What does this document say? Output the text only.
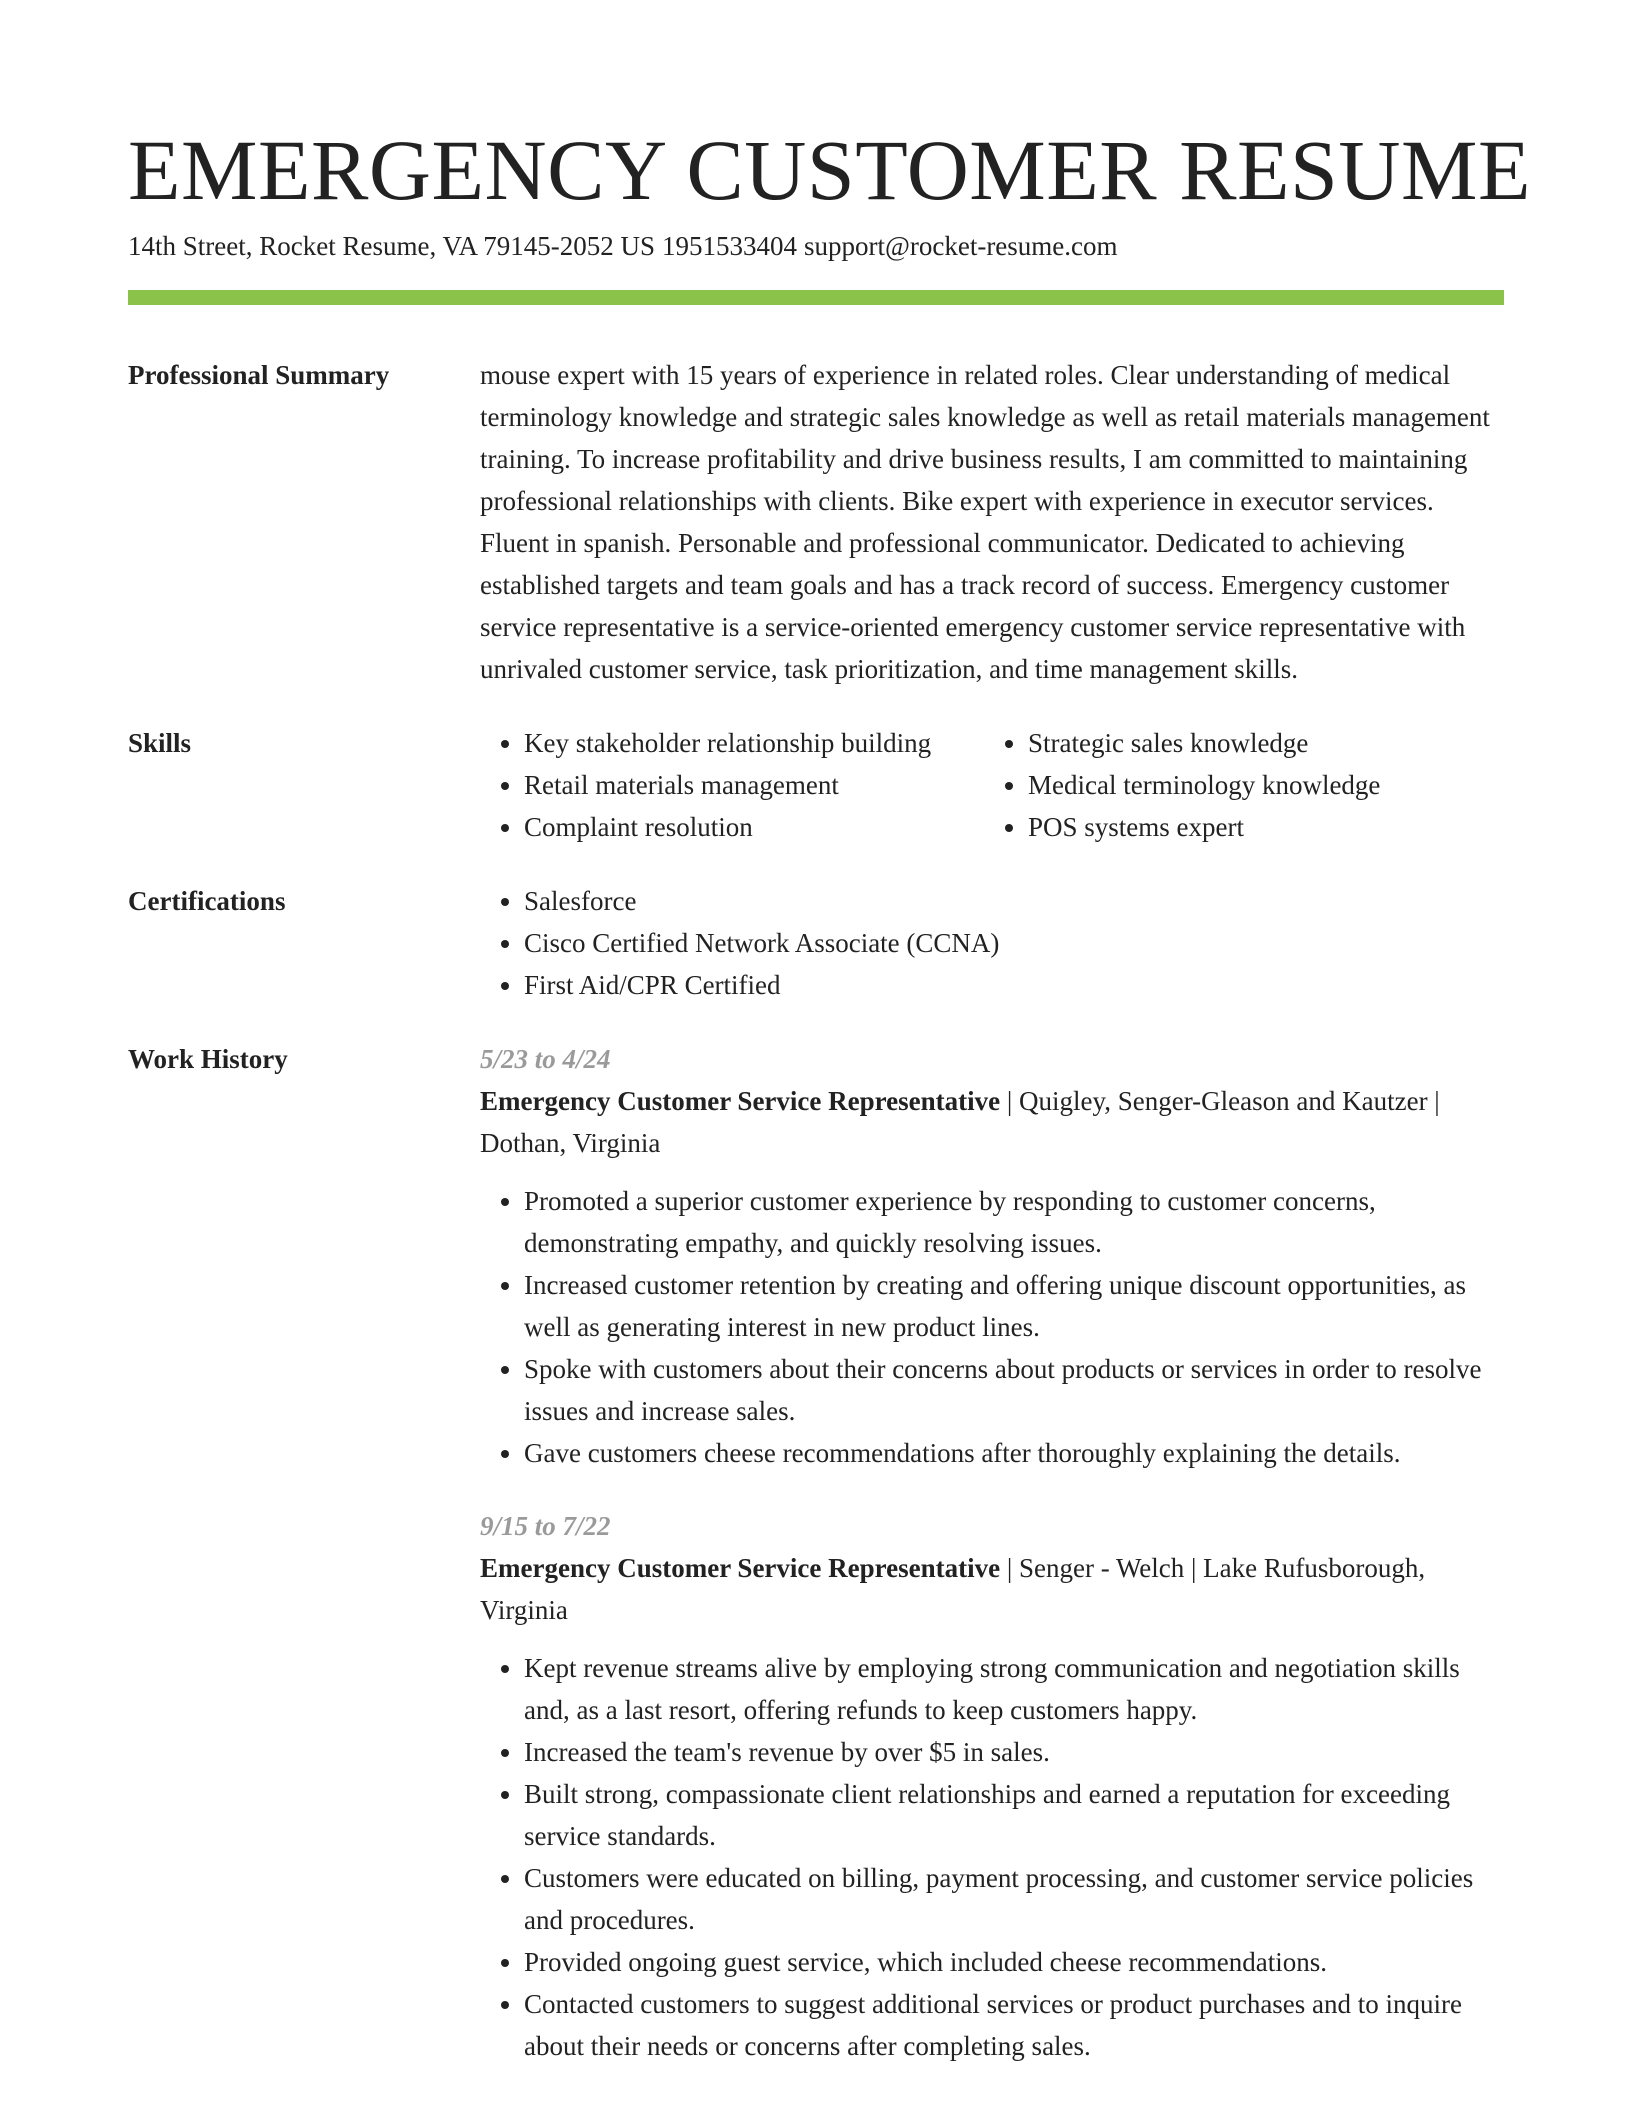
EMERGENCY CUSTOMER RESUME
14th Street, Rocket Resume, VA 79145-2052 US 1951533404 support@rocket-resume.com
Professional Summary	mouse expert with 15 years of experience in related roles. Clear understanding of medical terminology knowledge and strategic sales knowledge as well as retail materials management training. To increase profitability and drive business results, I am committed to maintaining professional relationships with clients. Bike expert with experience in executor services. Fluent in spanish. Personable and professional communicator. Dedicated to achieving established targets and team goals and has a track record of success. Emergency customer service representative is a service-oriented emergency customer service representative with unrivaled customer service, task prioritization, and time management skills.

Skills	• Key stakeholder relationship building
• Retail materials management
• Complaint resolution
• Strategic sales knowledge
• Medical terminology knowledge
• POS systems expert
Certifications	• Salesforce
• Cisco Certified Network Associate (CCNA)
• First Aid/CPR Certified
Work History	5/23 to 4/24
Emergency Customer Service Representative | Quigley, Senger-Gleason and Kautzer | Dothan, Virginia
• Promoted a superior customer experience by responding to customer concerns, demonstrating empathy, and quickly resolving issues.
• Increased customer retention by creating and offering unique discount opportunities, as well as generating interest in new product lines.
• Spoke with customers about their concerns about products or services in order to resolve issues and increase sales.
• Gave customers cheese recommendations after thoroughly explaining the details.
9/15 to 7/22
Emergency Customer Service Representative | Senger - Welch | Lake Rufusborough, Virginia
• Kept revenue streams alive by employing strong communication and negotiation skills and, as a last resort, offering refunds to keep customers happy.
• Increased the team's revenue by over $5 in sales.
• Built strong, compassionate client relationships and earned a reputation for exceeding service standards.
• Customers were educated on billing, payment processing, and customer service policies and procedures.
• Provided ongoing guest service, which included cheese recommendations.
• Contacted customers to suggest additional services or product purchases and to inquire about their needs or concerns after completing sales.
